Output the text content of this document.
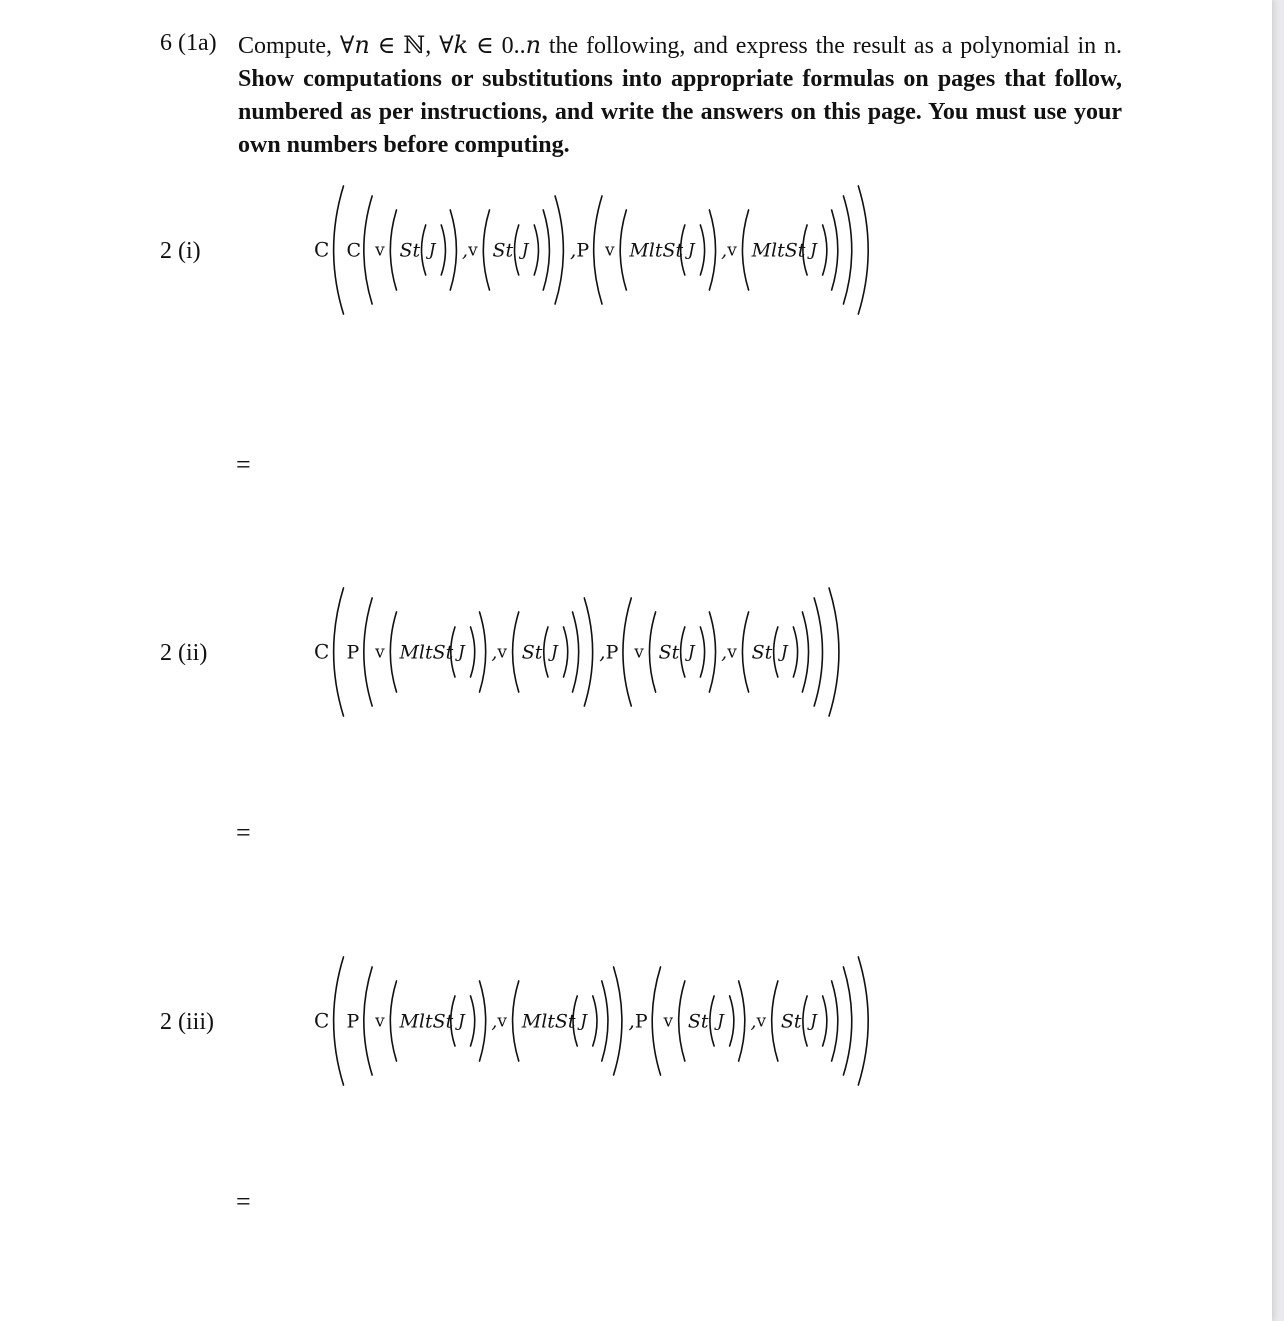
6 (1a) Compute, ∀𝑛 ∈ ℕ, ∀𝑘 ∈ 0..𝑛 the following, and express the result as a polynomial in n. Show computations or substitutions into appropriate formulas on pages that follow, numbered as per instructions, and write the answers on this page. You must use your own numbers before computing.
2 (i)	C C v St J , v St J , P v MltSt J , v MltSt J
=
2 (ii)	C P v MltSt J , v St J , P v St J , v St J
=
2 (iii)	C P v MltSt J , v MltSt J , P v St J , v St J
=
